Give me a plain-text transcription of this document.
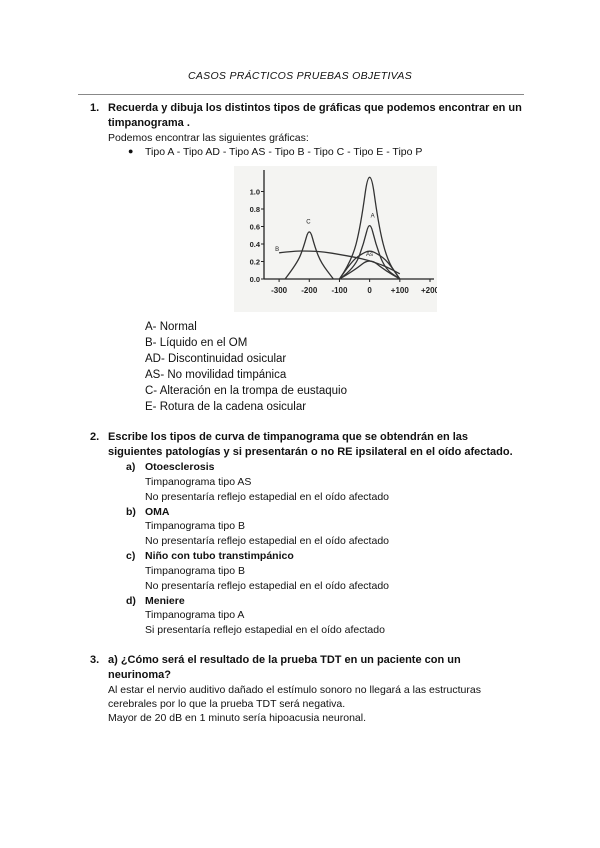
CASOS PRÁCTICOS PRUEBAS OBJETIVAS
1. Recuerda y dibuja los distintos tipos de gráficas que podemos encontrar en un
timpanograma .
Podemos encontrar las siguientes gráficas:
● Tipo A - Tipo AD - Tipo AS - Tipo B - Tipo C - Tipo E - Tipo P
0.0
0.2
0.4
0.6
0.8
1.0
-300 -200 -100 0 +100 +200
A
As
C
B
A- Normal
B- Líquido en el OM
AD- Discontinuidad osicular
AS- No movilidad timpánica
C- Alteración en la trompa de eustaquio
E- Rotura de la cadena osicular
2. Escribe los tipos de curva de timpanograma que se obtendrán en las
siguientes patologías y si presentarán o no RE ipsilateral en el oído afectado.
a) Otoesclerosis
Timpanograma tipo AS
No presentaría reflejo estapedial en el oído afectado
b) OMA
Timpanograma tipo B
No presentaría reflejo estapedial en el oído afectado
c) Niño con tubo transtimpánico
Timpanograma tipo B
No presentaría reflejo estapedial en el oído afectado
d) Meniere
Timpanograma tipo A
Si presentaría reflejo estapedial en el oído afectado
3. a) ¿Cómo será el resultado de la prueba TDT en un paciente con un
neurinoma?
Al estar el nervio auditivo dañado el estímulo sonoro no llegará a las estructuras
cerebrales por lo que la prueba TDT será negativa.
Mayor de 20 dB en 1 minuto sería hipoacusia neuronal.
